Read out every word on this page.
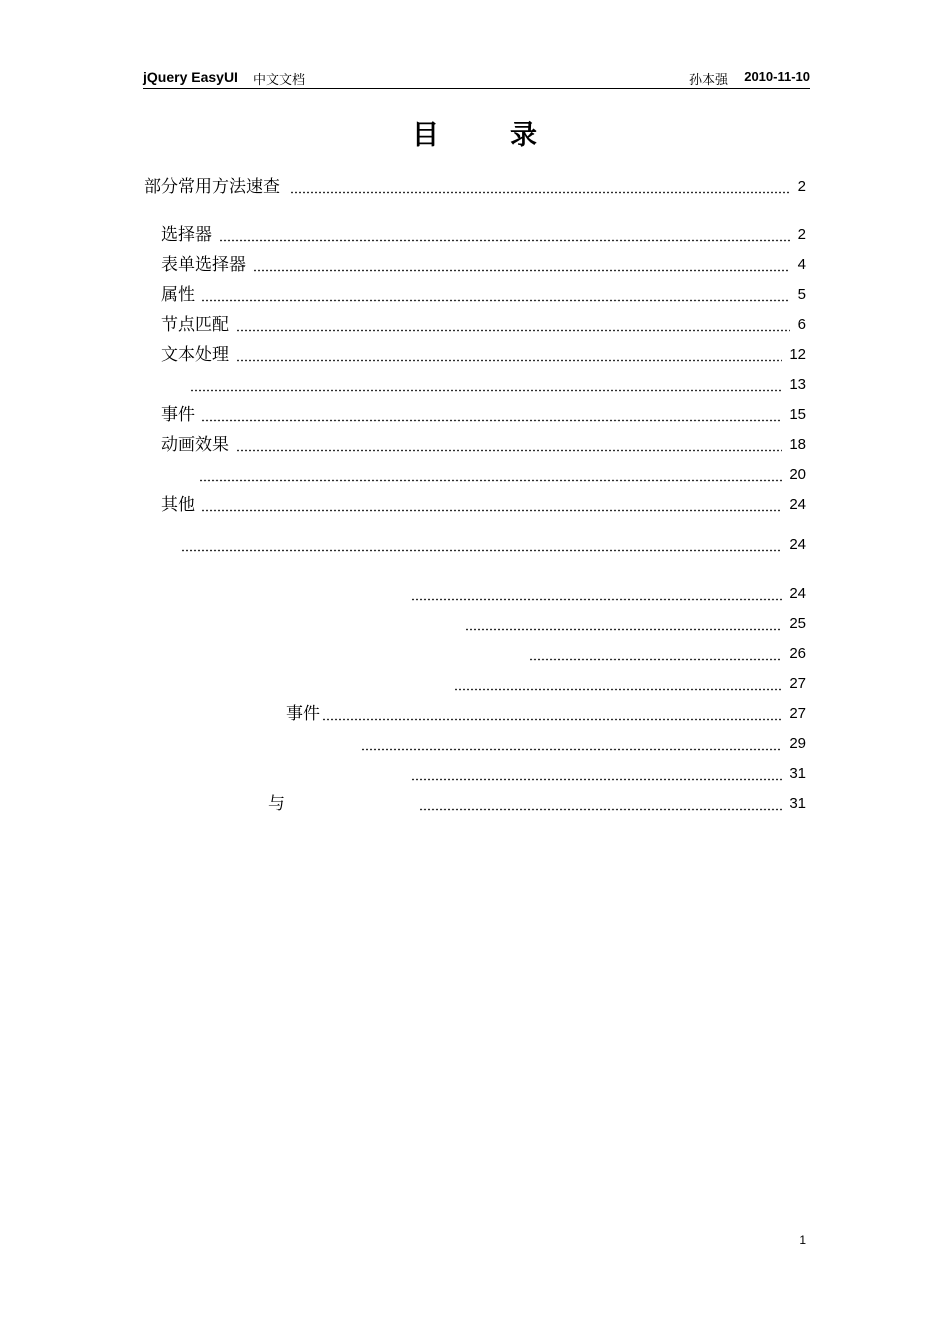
jQuery EasyUI 中文文档	孙本强 2010-11-10
目	录
部分常用方法速查	2
选择器	2
表单选择器	4
属性	5
节点匹配	6
文本处理	12
13
事件	15
动画效果	18
20
其他	24
24
24
25
26
27
事件	27
29
31
与	31
1
